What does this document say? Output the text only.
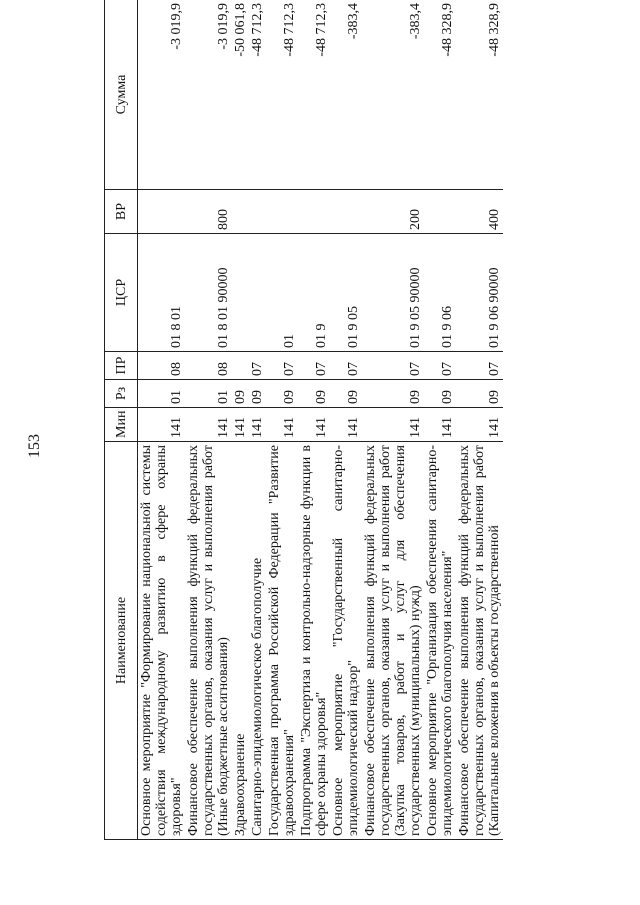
153
Наименование	Мин	Рз	ПР	ЦСР	ВР	Сумма
Основное мероприятие "Формирование национальной системы содействия международному развитию в сфере охраны здоровья"	141	01	08	01 8 01		-3 019,9
Финансовое обеспечение выполнения функций федеральных государственных органов, оказания услуг и выполнения работ (Иные бюджетные ассигнования)	141	01	08	01 8 01 90000	800	-3 019,9
Здравоохранение	141	09				-50 061,8
Санитарно-эпидемиологическое благополучие	141	09	07			-48 712,3
Государственная программа Российской Федерации "Развитие здравоохранения"	141	09	07	01		-48 712,3
Подпрограмма "Экспертиза и контрольно-надзорные функции в сфере охраны здоровья"	141	09	07	01 9		-48 712,3
Основное мероприятие "Государственный санитарно-эпидемиологический надзор"	141	09	07	01 9 05		-383,4
Финансовое обеспечение выполнения функций федеральных государственных органов, оказания услуг и выполнения работ (Закупка товаров, работ и услуг для обеспечения государственных (муниципальных) нужд)	141	09	07	01 9 05 90000	200	-383,4
Основное мероприятие "Организация обеспечения санитарно-эпидемиологического благополучия населения"	141	09	07	01 9 06		-48 328,9
Финансовое обеспечение выполнения функций федеральных государственных органов, оказания услуг и выполнения работ (Капитальные вложения в объекты государственной	141	09	07	01 9 06 90000	400	-48 328,9
